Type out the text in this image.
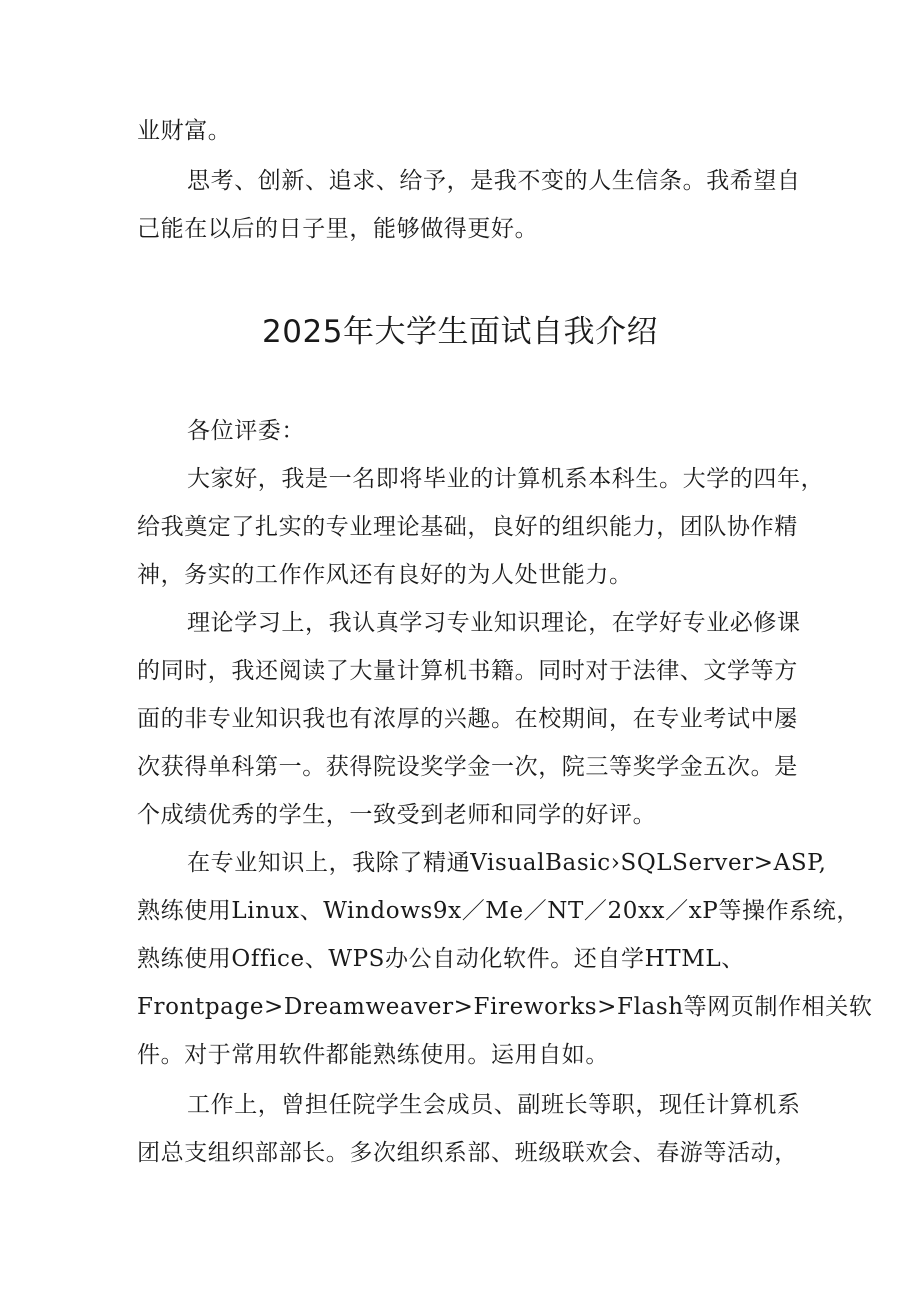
业财富。
思考、创新、追求、给予，是我不变的人生信条。我希望自
己能在以后的日子里，能够做得更好。
2025年大学生面试自我介绍
各位评委：
大家好，我是一名即将毕业的计算机系本科生。大学的四年，
给我奠定了扎实的专业理论基础，良好的组织能力，团队协作精
神，务实的工作作风还有良好的为人处世能力。
理论学习上，我认真学习专业知识理论，在学好专业必修课
的同时，我还阅读了大量计算机书籍。同时对于法律、文学等方
面的非专业知识我也有浓厚的兴趣。在校期间，在专业考试中屡
次获得单科第一。获得院设奖学金一次，院三等奖学金五次。是
个成绩优秀的学生，一致受到老师和同学的好评。
在专业知识上，我除了精通VisualBasic›SQLServer>ASP,
熟练使用Linux、Windows9x／Me／NT／20xx／xP等操作系统，
熟练使用Office、WPS办公自动化软件。还自学HTML、
Frontpage>Dreamweaver>Fireworks>Flash等网页制作相关软
件。对于常用软件都能熟练使用。运用自如。
工作上，曾担任院学生会成员、副班长等职，现任计算机系
团总支组织部部长。多次组织系部、班级联欢会、春游等活动，
